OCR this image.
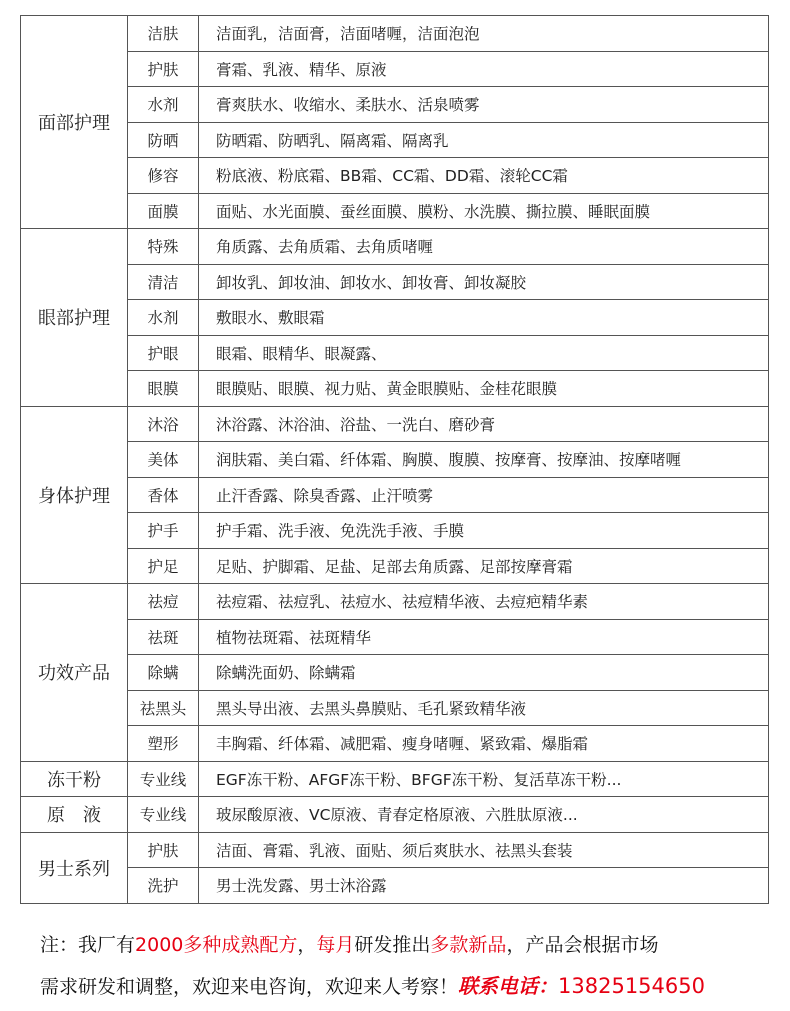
面部护理	洁肤	洁面乳，洁面膏，洁面啫喱，洁面泡泡
	护肤	膏霜、乳液、精华、原液
	水剂	膏爽肤水、收缩水、柔肤水、活泉喷雾
	防晒	防晒霜、防晒乳、隔离霜、隔离乳
	修容	粉底液、粉底霜、BB霜、CC霜、DD霜、滚轮CC霜
	面膜	面贴、水光面膜、蚕丝面膜、膜粉、水洗膜、撕拉膜、睡眠面膜
眼部护理	特殊	角质露、去角质霜、去角质啫喱
	清洁	卸妆乳、卸妆油、卸妆水、卸妆膏、卸妆凝胶
	水剂	敷眼水、敷眼霜
	护眼	眼霜、眼精华、眼凝露、
	眼膜	眼膜贴、眼膜、视力贴、黄金眼膜贴、金桂花眼膜
身体护理	沐浴	沐浴露、沐浴油、浴盐、一洗白、磨砂膏
	美体	润肤霜、美白霜、纤体霜、胸膜、腹膜、按摩膏、按摩油、按摩啫喱
	香体	止汗香露、除臭香露、止汗喷雾
	护手	护手霜、洗手液、免洗洗手液、手膜
	护足	足贴、护脚霜、足盐、足部去角质露、足部按摩膏霜
功效产品	祛痘	祛痘霜、祛痘乳、祛痘水、祛痘精华液、去痘疤精华素
	祛斑	植物祛斑霜、祛斑精华
	除螨	除螨洗面奶、除螨霜
	祛黑头	黑头导出液、去黑头鼻膜贴、毛孔紧致精华液
	塑形	丰胸霜、纤体霜、减肥霜、瘦身啫喱、紧致霜、爆脂霜
冻干粉	专业线	EGF冻干粉、AFGF冻干粉、BFGF冻干粉、复活草冻干粉...
原　液	专业线	玻尿酸原液、VC原液、青春定格原液、六胜肽原液...
男士系列	护肤	洁面、膏霜、乳液、面贴、须后爽肤水、祛黑头套装
	洗护	男士洗发露、男士沐浴露
注：我厂有2000多种成熟配方，每月研发推出多款新品，产品会根据市场
需求研发和调整，欢迎来电咨询，欢迎来人考察！联系电话：13825154650
